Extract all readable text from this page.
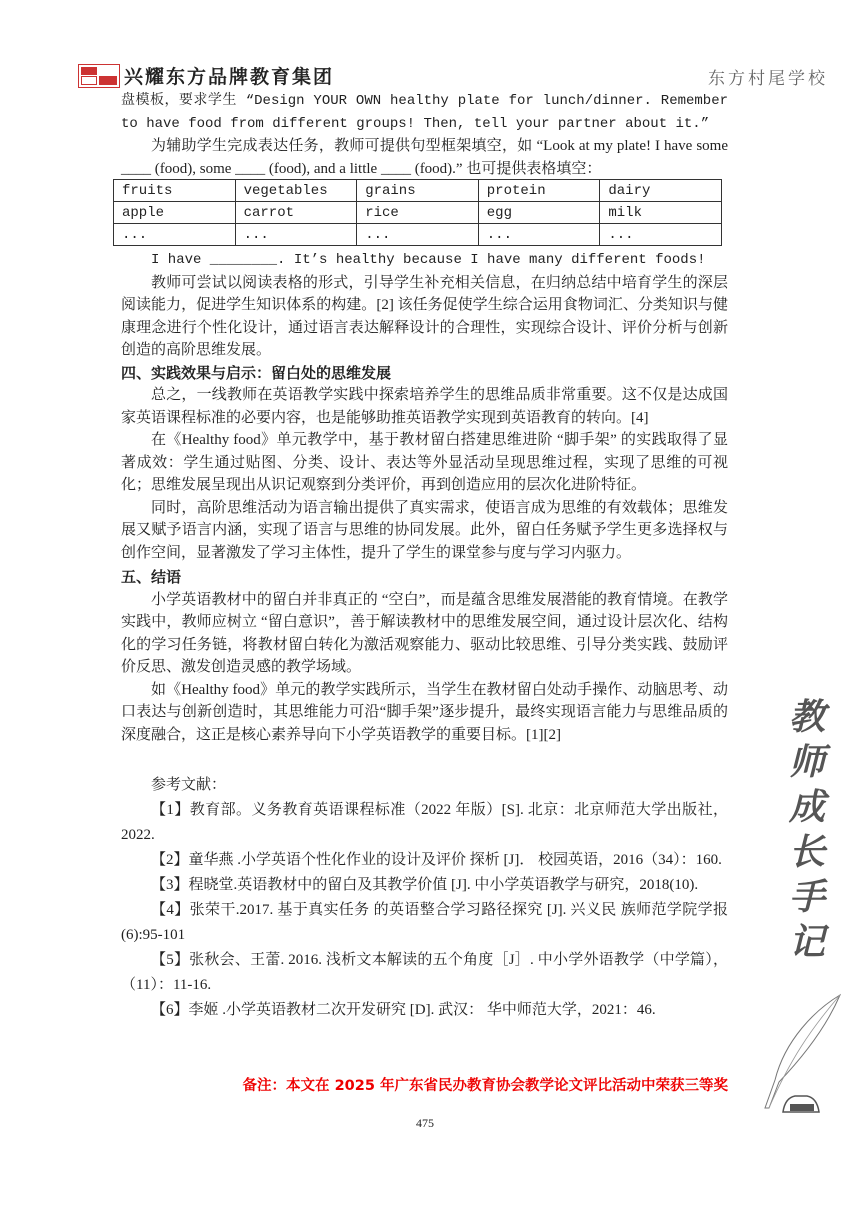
兴耀东方品牌教育集团	东方村尾学校

盘模板，要求学生 “Design YOUR OWN healthy plate for lunch/dinner. Remember to have food from different groups! Then, tell your partner about it.”

为辅助学生完成表达任务，教师可提供句型框架填空，如 “Look at my plate! I have some ____ (food), some ____ (food), and a little ____ (food).” 也可提供表格填空：

fruits	vegetables	grains	protein	dairy
apple	carrot	rice	egg	milk
...	...	...	...	...

I have ________. It’s healthy because I have many different foods!

教师可尝试以阅读表格的形式，引导学生补充相关信息，在归纳总结中培育学生的深层阅读能力，促进学生知识体系的构建。[2] 该任务促使学生综合运用食物词汇、分类知识与健康理念进行个性化设计，通过语言表达解释设计的合理性，实现综合设计、评价分析与创新创造的高阶思维发展。

四、实践效果与启示：留白处的思维发展

总之，一线教师在英语教学实践中探索培养学生的思维品质非常重要。这不仅是达成国家英语课程标准的必要内容，也是能够助推英语教学实现到英语教育的转向。[4]

在《Healthy food》单元教学中，基于教材留白搭建思维进阶 “脚手架” 的实践取得了显著成效：学生通过贴图、分类、设计、表达等外显活动呈现思维过程，实现了思维的可视化；思维发展呈现出从识记观察到分类评价，再到创造应用的层次化进阶特征。

同时，高阶思维活动为语言输出提供了真实需求，使语言成为思维的有效载体；思维发展又赋予语言内涵，实现了语言与思维的协同发展。此外，留白任务赋予学生更多选择权与创作空间，显著激发了学习主体性，提升了学生的课堂参与度与学习内驱力。

五、结语

小学英语教材中的留白并非真正的 “空白”，而是蕴含思维发展潜能的教育情境。在教学实践中，教师应树立 “留白意识”，善于解读教材中的思维发展空间，通过设计层次化、结构化的学习任务链，将教材留白转化为激活观察能力、驱动比较思维、引导分类实践、鼓励评价反思、激发创造灵感的教学场域。

如《Healthy food》单元的教学实践所示，当学生在教材留白处动手操作、动脑思考、动口表达与创新创造时，其思维能力可沿“脚手架”逐步提升，最终实现语言能力与思维品质的深度融合，这正是核心素养导向下小学英语教学的重要目标。[1][2]

参考文献：

【1】教育部。义务教育英语课程标准（2022 年版）[S]. 北京：北京师范大学出版社，2022.

【2】童华燕 .小学英语个性化作业的设计及评价 探析 [J]． 校园英语，2016（34）：160.

【3】程晓堂.英语教材中的留白及其教学价值 [J]. 中小学英语教学与研究，2018(10).

【4】张荣干.2017. 基于真实任务 的英语整合学习路径探究 [J]. 兴义民 族师范学院学报 (6):95-101

【5】张秋会、王蕾. 2016. 浅析文本解读的五个角度［J］. 中小学外语教学（中学篇），（11）：11-16.

【6】李姬 .小学英语教材二次开发研究 [D]. 武汉： 华中师范大学，2021：46.

备注：本文在 2025 年广东省民办教育协会教学论文评比活动中荣获三等奖
475
教
师
成
长
手
记
